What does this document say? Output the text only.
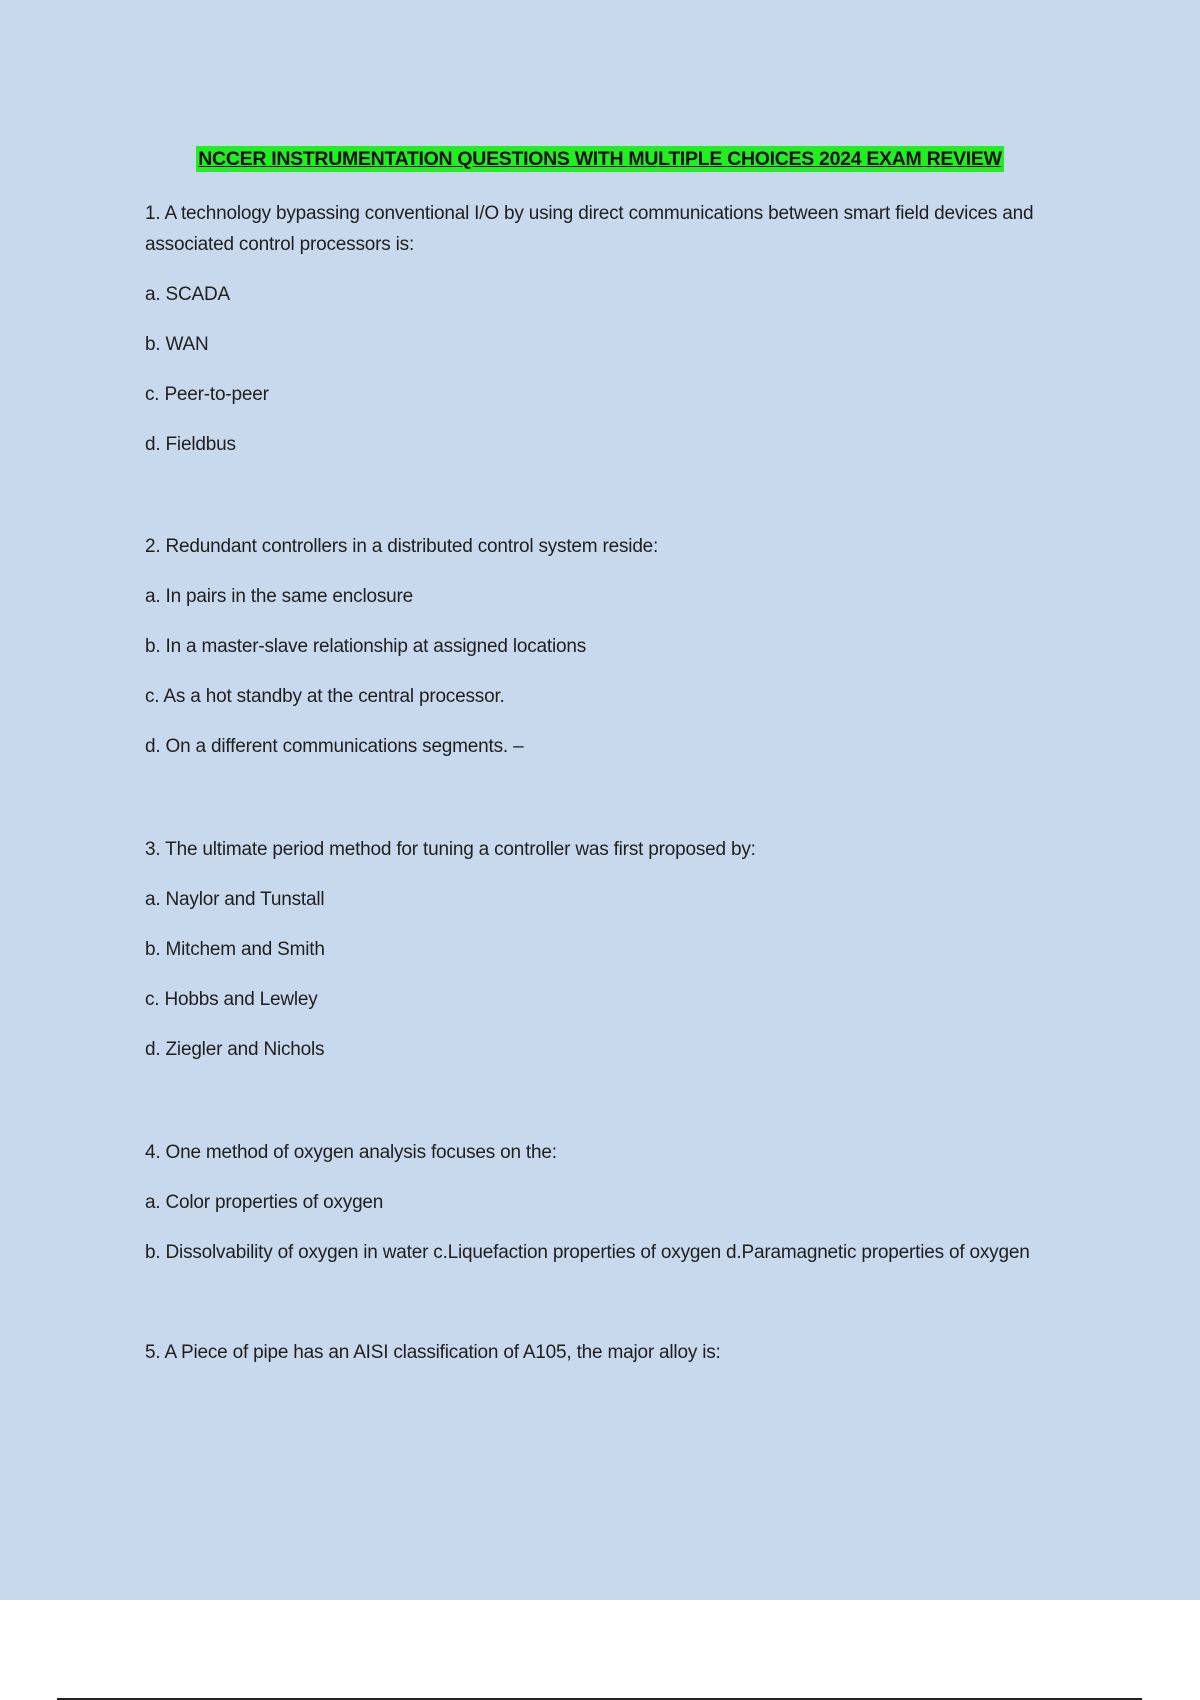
NCCER INSTRUMENTATION QUESTIONS WITH MULTIPLE CHOICES 2024 EXAM REVIEW
1. A technology bypassing conventional I/O by using direct communications between smart field devices and associated control processors is:
a. SCADA
b. WAN
c. Peer-to-peer
d. Fieldbus
2. Redundant controllers in a distributed control system reside:
a. In pairs in the same enclosure
b. In a master-slave relationship at assigned locations
c. As a hot standby at the central processor.
d. On a different communications segments. –
3. The ultimate period method for tuning a controller was first proposed by:
a. Naylor and Tunstall
b. Mitchem and Smith
c. Hobbs and Lewley
d. Ziegler and Nichols
4. One method of oxygen analysis focuses on the:
a. Color properties of oxygen
b. Dissolvability of oxygen in water c.Liquefaction properties of oxygen d.Paramagnetic properties of oxygen
5. A Piece of pipe has an AISI classification of A105, the major alloy is:
